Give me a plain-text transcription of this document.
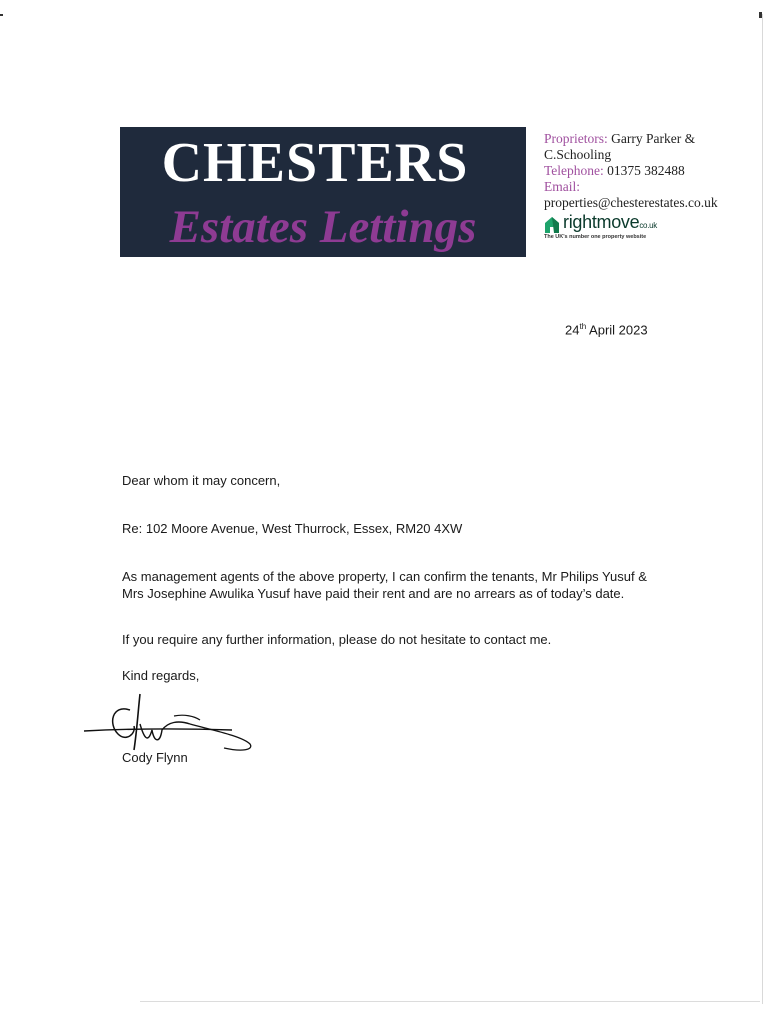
CHESTERS
Estates Lettings
Proprietors: Garry Parker &
C.Schooling
Telephone: 01375 382488
Email:
properties@chesterestates.co.uk
rightmoveco.uk
The UK's number one property website
24th April 2023
Dear whom it may concern,
Re: 102 Moore Avenue, West Thurrock, Essex, RM20 4XW
As management agents of the above property, I can confirm the tenants, Mr Philips Yusuf & Mrs Josephine Awulika Yusuf have paid their rent and are no arrears as of today’s date.
If you require any further information, please do not hesitate to contact me.
Kind regards,
Cody Flynn
